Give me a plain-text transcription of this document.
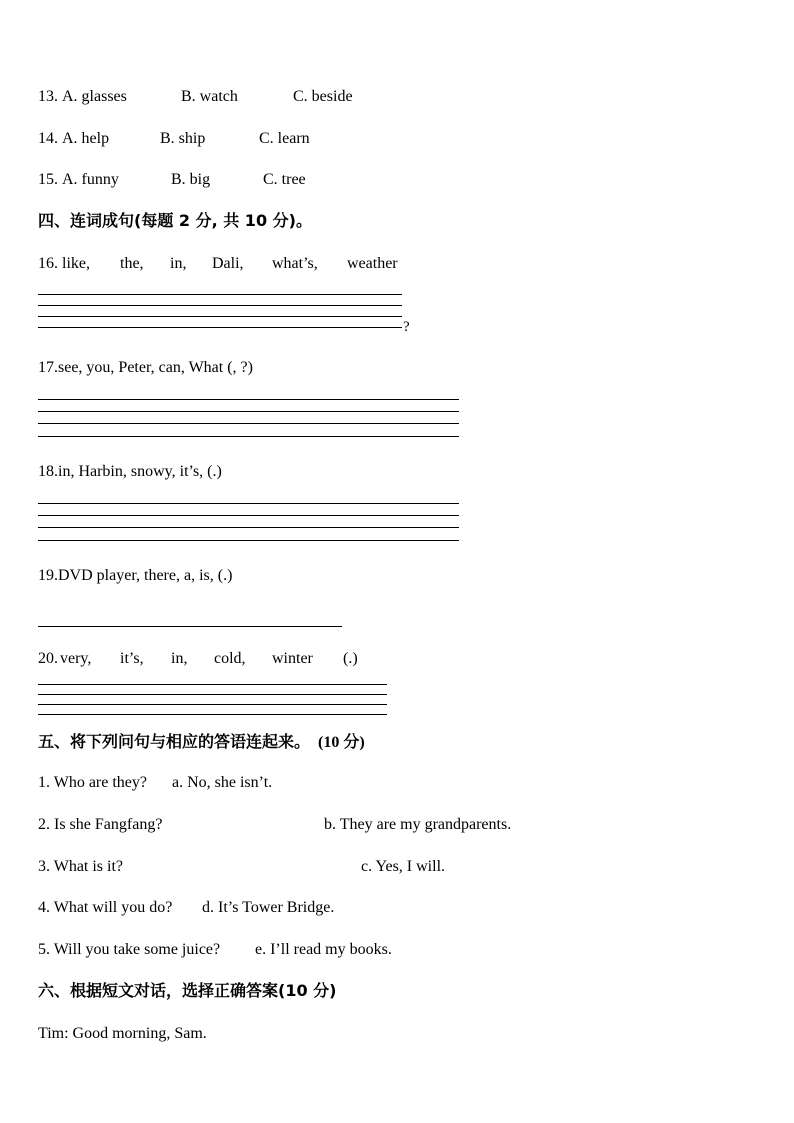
13. A. glasses	B. watch	C. beside
14. A. help	B. ship	C. learn
15. A. funny	B. big	C. tree
四、连词成句(每题 2 分, 共 10 分)。
16. like, the, in, Dali, what’s, weather
?
17.see, you, Peter, can, What (, ?)
18.in, Harbin, snowy, it’s, (.)
19.DVD player, there, a, is, (.)
20. very, it’s, in, cold, winter (.)
五、将下列问句与相应的答语连起来。 (10 分)
1. Who are they? a. No, she isn’t.
2. Is she Fangfang?	b. They are my grandparents.
3. What is it?	c. Yes, I will.
4. What will you do? d. It’s Tower Bridge.
5. Will you take some juice? e. I’ll read my books.
六、根据短文对话，选择正确答案(10 分)
Tim: Good morning, Sam.
